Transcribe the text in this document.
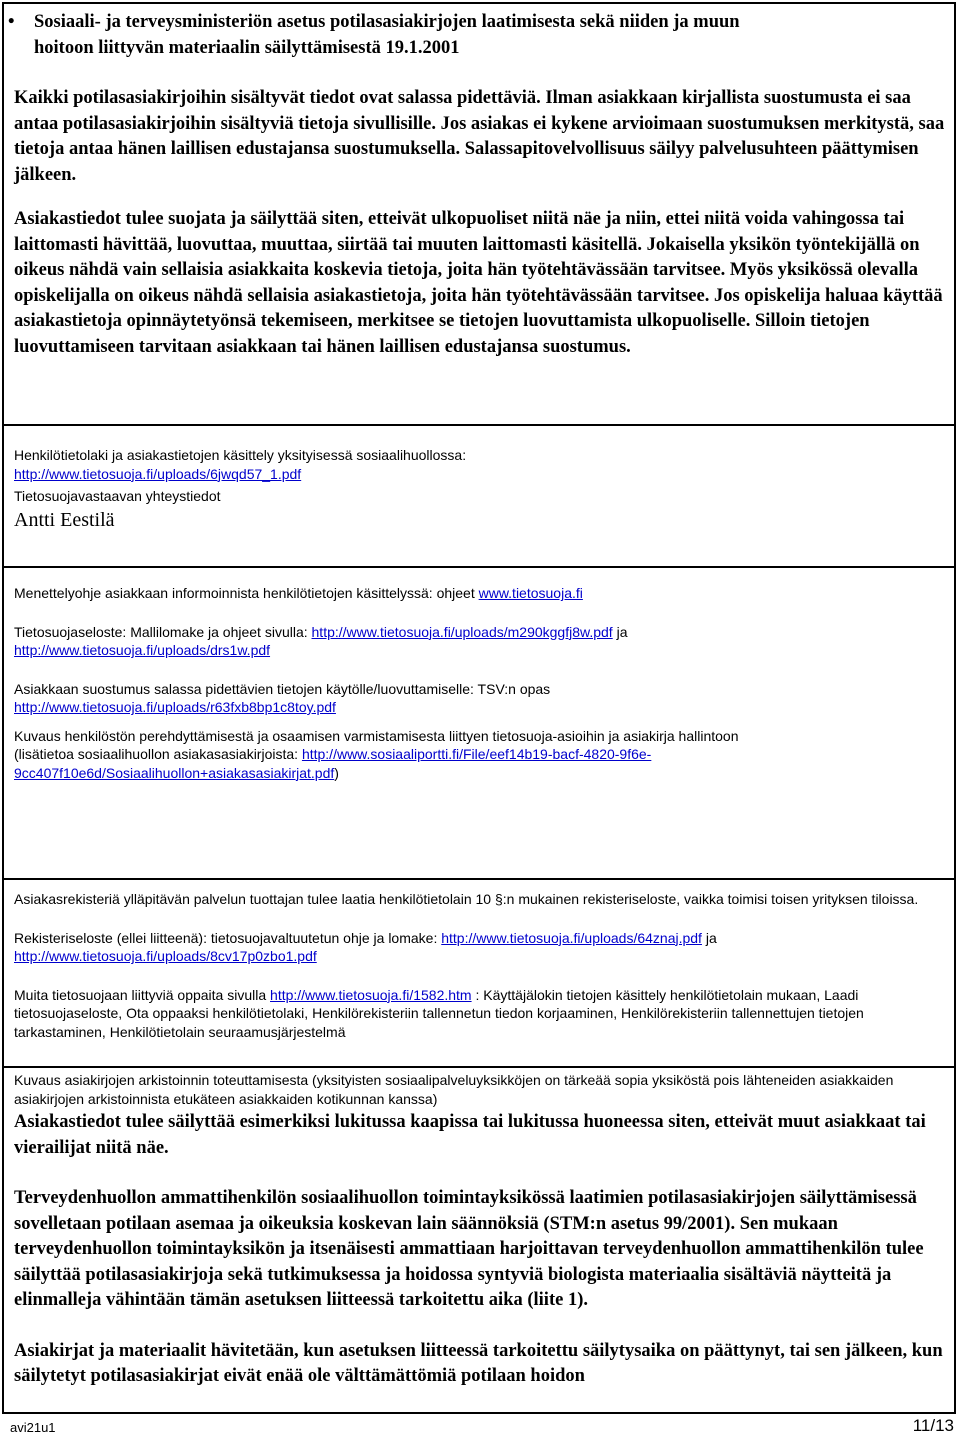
•	Sosiaali- ja terveysministeriön asetus potilasasiakirjojen laatimisesta sekä niiden ja muun
hoitoon liittyvän materiaalin säilyttämisestä 19.1.2001

Kaikki potilasasiakirjoihin sisältyvät tiedot ovat salassa pidettäviä. Ilman asiakkaan kirjallista suostumusta ei saa antaa potilasasiakirjoihin sisältyviä tietoja sivullisille. Jos asiakas ei kykene arvioimaan suostumuksen merkitystä, saa tietoja antaa hänen laillisen edustajansa suostumuksella. Salassapitovelvollisuus säilyy palvelusuhteen päättymisen jälkeen.

Asiakastiedot tulee suojata ja säilyttää siten, etteivät ulkopuoliset niitä näe ja niin, ettei niitä voida vahingossa tai laittomasti hävittää, luovuttaa, muuttaa, siirtää tai muuten laittomasti käsitellä. Jokaisella yksikön työntekijällä on oikeus nähdä vain sellaisia asiakkaita koskevia tietoja, joita hän työtehtävässään tarvitsee. Myös yksikössä olevalla opiskelijalla on oikeus nähdä sellaisia asiakastietoja, joita hän työtehtävässään tarvitsee. Jos opiskelija haluaa käyttää asiakastietoja opinnäytetyönsä tekemiseen, merkitsee se tietojen luovuttamista ulkopuoliselle. Silloin tietojen luovuttamiseen tarvitaan asiakkaan tai hänen laillisen edustajansa suostumus.

Henkilötietolaki ja asiakastietojen käsittely yksityisessä sosiaalihuollossa:

http://www.tietosuoja.fi/uploads/6jwqd57_1.pdf

Tietosuojavastaavan yhteystiedot

Antti Eestilä

Menettelyohje asiakkaan informoinnista henkilötietojen käsittelyssä: ohjeet www.tietosuoja.fi

Tietosuojaseloste: Mallilomake ja ohjeet sivulla: http://www.tietosuoja.fi/uploads/m290kggfj8w.pdf ja
http://www.tietosuoja.fi/uploads/drs1w.pdf

Asiakkaan suostumus salassa pidettävien tietojen käytölle/luovuttamiselle: TSV:n opas
http://www.tietosuoja.fi/uploads/r63fxb8bp1c8toy.pdf

Kuvaus henkilöstön perehdyttämisestä ja osaamisen varmistamisesta liittyen tietosuoja-asioihin ja asiakirja hallintoon
(lisätietoa sosiaalihuollon asiakasasiakirjoista: http://www.sosiaaliportti.fi/File/eef14b19-bacf-4820-9f6e-
9cc407f10e6d/Sosiaalihuollon+asiakasasiakirjat.pdf)

Asiakasrekisteriä ylläpitävän palvelun tuottajan tulee laatia henkilötietolain 10 §:n mukainen rekisteriseloste, vaikka toimisi toisen yrityksen tiloissa.

Rekisteriseloste (ellei liitteenä): tietosuojavaltuutetun ohje ja lomake: http://www.tietosuoja.fi/uploads/64znaj.pdf ja
http://www.tietosuoja.fi/uploads/8cv17p0zbo1.pdf

Muita tietosuojaan liittyviä oppaita sivulla http://www.tietosuoja.fi/1582.htm : Käyttäjälokin tietojen käsittely henkilötietolain mukaan, Laadi tietosuojaseloste, Ota oppaaksi henkilötietolaki, Henkilörekisteriin tallennetun tiedon korjaaminen, Henkilörekisteriin tallennettujen tietojen tarkastaminen, Henkilötietolain seuraamusjärjestelmä

Kuvaus asiakirjojen arkistoinnin toteuttamisesta (yksityisten sosiaalipalveluyksikköjen on tärkeää sopia yksiköstä pois lähteneiden asiakkaiden asiakirjojen arkistoinnista etukäteen asiakkaiden kotikunnan kanssa)

Asiakastiedot tulee säilyttää esimerkiksi lukitussa kaapissa tai lukitussa huoneessa siten, etteivät muut asiakkaat tai vierailijat niitä näe.

Terveydenhuollon ammattihenkilön sosiaalihuollon toimintayksikössä laatimien potilasasiakirjojen säilyttämisessä sovelletaan potilaan asemaa ja oikeuksia koskevan lain säännöksiä (STM:n asetus 99/2001). Sen mukaan terveydenhuollon toimintayksikön ja itsenäisesti ammattiaan harjoittavan terveydenhuollon ammattihenkilön tulee säilyttää potilasasiakirjoja sekä tutkimuksessa ja hoidossa syntyviä biologista materiaalia sisältäviä näytteitä ja elinmalleja vähintään tämän asetuksen liitteessä tarkoitettu aika (liite 1).

Asiakirjat ja materiaalit hävitetään, kun asetuksen liitteessä tarkoitettu säilytysaika on päättynyt, tai sen jälkeen, kun säilytetyt potilasasiakirjat eivät enää ole välttämättömiä potilaan hoidon

avi21u1	11/13
